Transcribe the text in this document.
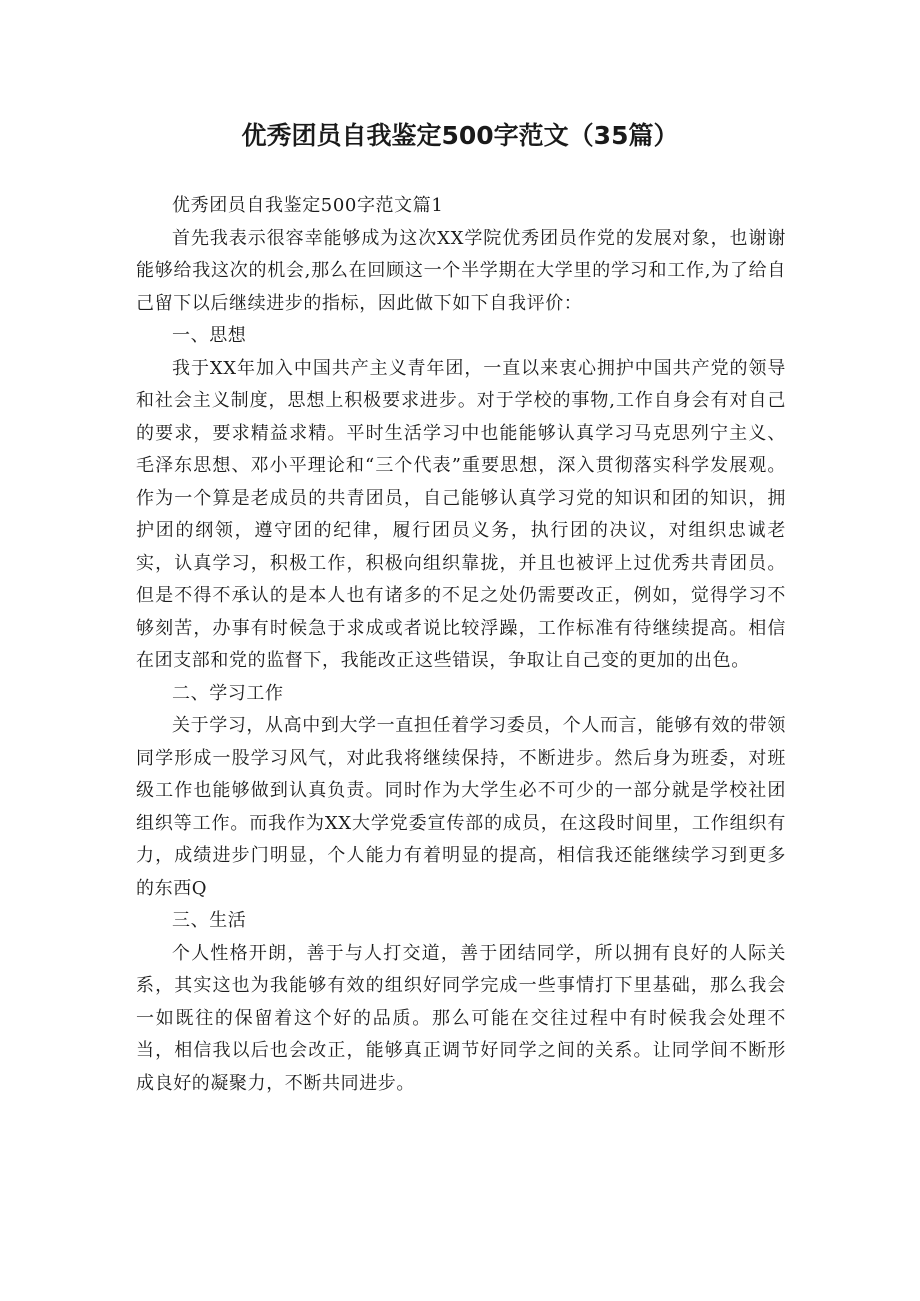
优秀团员自我鉴定500字范文（35篇）

优秀团员自我鉴定500字范文篇1

首先我表示很容幸能够成为这次XX学院优秀团员作党的发展对象，也谢谢能够给我这次的机会,那么在回顾这一个半学期在大学里的学习和工作,为了给自己留下以后继续进步的指标，因此做下如下自我评价：

一、思想

我于XX年加入中国共产主义青年团，一直以来衷心拥护中国共产党的领导和社会主义制度，思想上积极要求进步。对于学校的事物,工作自身会有对自己的要求，要求精益求精。平时生活学习中也能能够认真学习马克思列宁主义、毛泽东思想、邓小平理论和“三个代表”重要思想，深入贯彻落实科学发展观。作为一个算是老成员的共青团员，自己能够认真学习党的知识和团的知识，拥护团的纲领，遵守团的纪律，履行团员义务，执行团的决议，对组织忠诚老实，认真学习，积极工作，积极向组织靠拢，并且也被评上过优秀共青团员。但是不得不承认的是本人也有诸多的不足之处仍需要改正，例如，觉得学习不够刻苦，办事有时候急于求成或者说比较浮躁，工作标准有待继续提高。相信在团支部和党的监督下，我能改正这些错误，争取让自己变的更加的出色。

二、学习工作

关于学习，从高中到大学一直担任着学习委员，个人而言，能够有效的带领同学形成一股学习风气，对此我将继续保持，不断进步。然后身为班委，对班级工作也能够做到认真负责。同时作为大学生必不可少的一部分就是学校社团组织等工作。而我作为XX大学党委宣传部的成员，在这段时间里，工作组织有力，成绩进步门明显，个人能力有着明显的提高，相信我还能继续学习到更多的东西Q

三、生活

个人性格开朗，善于与人打交道，善于团结同学，所以拥有良好的人际关系，其实这也为我能够有效的组织好同学完成一些事情打下里基础，那么我会一如既往的保留着这个好的品质。那么可能在交往过程中有时候我会处理不当，相信我以后也会改正，能够真正调节好同学之间的关系。让同学间不断形成良好的凝聚力，不断共同进步。
